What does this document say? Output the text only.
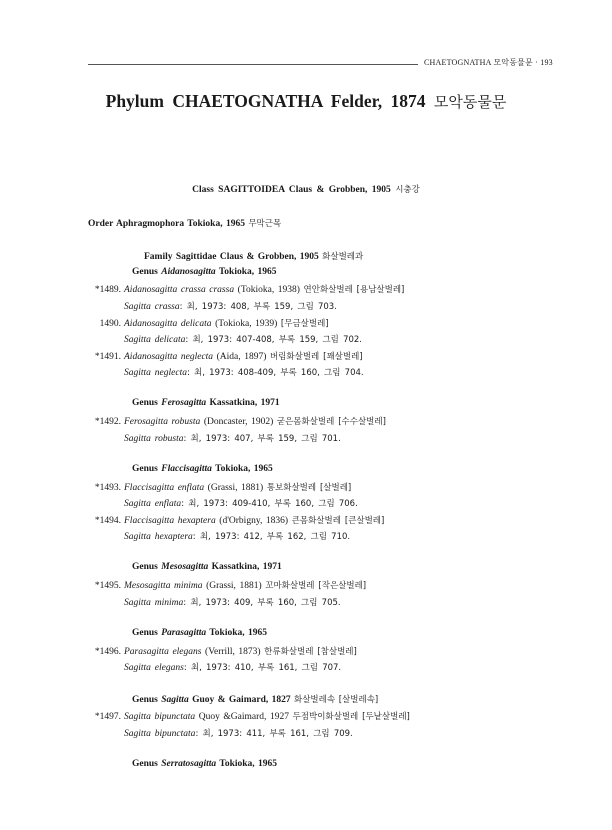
CHAETOGNATHA 모악동물문 · 193
Phylum CHAETOGNATHA Felder, 1874 모악동물문
Class SAGITTOIDEA Claus & Grobben, 1905 시충강
Order Aphragmophora Tokioka, 1965 무막근목
Family Sagittidae Claus & Grobben, 1905 화살벌레과
Genus Aidanosagitta Tokioka, 1965
*1489. Aidanosagitta crassa crassa (Tokioka, 1938) 연안화살벌레 [용남살벌레]
Sagitta crassa: 최, 1973: 408, 부록 159, 그림 703.
1490. Aidanosagitta delicata (Tokioka, 1939) [무금살벌레]
Sagitta delicata: 최, 1973: 407-408, 부록 159, 그림 702.
*1491. Aidanosagitta neglecta (Aida, 1897) 버림화살벌레 [꽤살벌레]
Sagitta neglecta: 최, 1973: 408-409, 부록 160, 그림 704.
Genus Ferosagitta Kassatkina, 1971
*1492. Ferosagitta robusta (Doncaster, 1902) 굳은몸화살벌레 [수수살벌레]
Sagitta robusta: 최, 1973: 407, 부록 159, 그림 701.
Genus Flaccisagitta Tokioka, 1965
*1493. Flaccisagitta enflata (Grassi, 1881) 통보화살벌레 [살벌레]
Sagitta enflata: 최, 1973: 409-410, 부록 160, 그림 706.
*1494. Flaccisagitta hexaptera (d'Orbigny, 1836) 큰몸화살벌레 [큰살벌레]
Sagitta hexaptera: 최, 1973: 412, 부록 162, 그림 710.
Genus Mesosagitta Kassatkina, 1971
*1495. Mesosagitta minima (Grassi, 1881) 꼬마화살벌레 [작은살벌레]
Sagitta minima: 최, 1973: 409, 부록 160, 그림 705.
Genus Parasagitta Tokioka, 1965
*1496. Parasagitta elegans (Verrill, 1873) 한류화살벌레 [참살벌레]
Sagitta elegans: 최, 1973: 410, 부록 161, 그림 707.
Genus Sagitta Guoy & Gaimard, 1827 화살벌레속 [살벌레속]
*1497. Sagitta bipunctata Quoy &Gaimard, 1927 두점박이화살벌레 [두낱살벌레]
Sagitta bipunctata: 최, 1973: 411, 부록 161, 그림 709.
Genus Serratosagitta Tokioka, 1965
